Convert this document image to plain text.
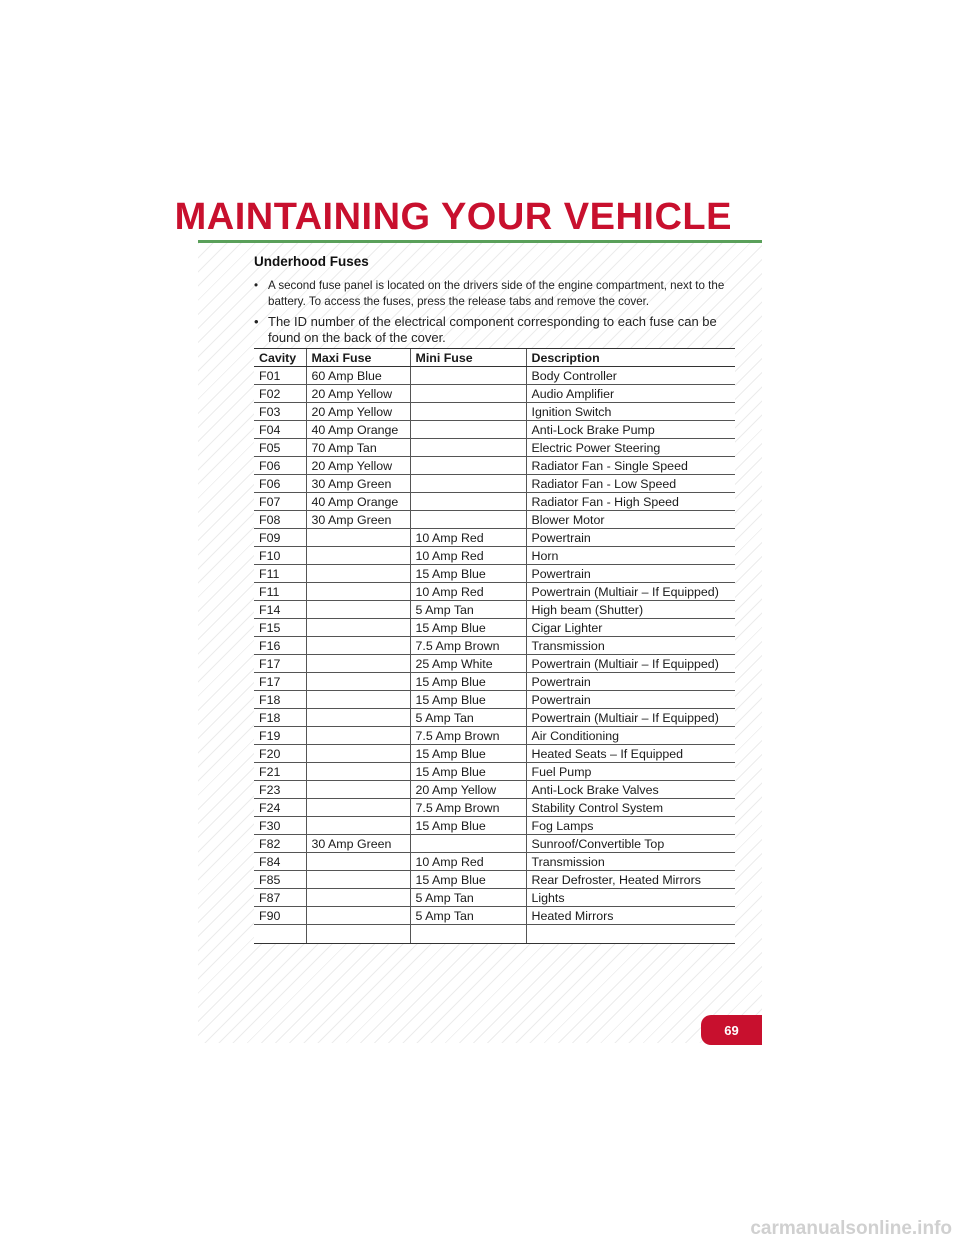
MAINTAINING YOUR VEHICLE
Underhood Fuses
• A second fuse panel is located on the drivers side of the engine compartment, next to the battery. To access the fuses, press the release tabs and remove the cover.
• The ID number of the electrical component corresponding to each fuse can be found on the back of the cover.
Cavity	Maxi Fuse	Mini Fuse	Description
F01	60 Amp Blue		Body Controller
F02	20 Amp Yellow		Audio Amplifier
F03	20 Amp Yellow		Ignition Switch
F04	40 Amp Orange		Anti-Lock Brake Pump
F05	70 Amp Tan		Electric Power Steering
F06	20 Amp Yellow		Radiator Fan - Single Speed
F06	30 Amp Green		Radiator Fan - Low Speed
F07	40 Amp Orange		Radiator Fan - High Speed
F08	30 Amp Green		Blower Motor
F09		10 Amp Red	Powertrain
F10		10 Amp Red	Horn
F11		15 Amp Blue	Powertrain
F11		10 Amp Red	Powertrain (Multiair – If Equipped)
F14		5 Amp Tan	High beam (Shutter)
F15		15 Amp Blue	Cigar Lighter
F16		7.5 Amp Brown	Transmission
F17		25 Amp White	Powertrain (Multiair – If Equipped)
F17		15 Amp Blue	Powertrain
F18		15 Amp Blue	Powertrain
F18		5 Amp Tan	Powertrain (Multiair – If Equipped)
F19		7.5 Amp Brown	Air Conditioning
F20		15 Amp Blue	Heated Seats – If Equipped
F21		15 Amp Blue	Fuel Pump
F23		20 Amp Yellow	Anti-Lock Brake Valves
F24		7.5 Amp Brown	Stability Control System
F30		15 Amp Blue	Fog Lamps
F82	30 Amp Green		Sunroof/Convertible Top
F84		10 Amp Red	Transmission
F85		15 Amp Blue	Rear Defroster, Heated Mirrors
F87		5 Amp Tan	Lights
F90		5 Amp Tan	Heated Mirrors

69
carmanualsonline.info
